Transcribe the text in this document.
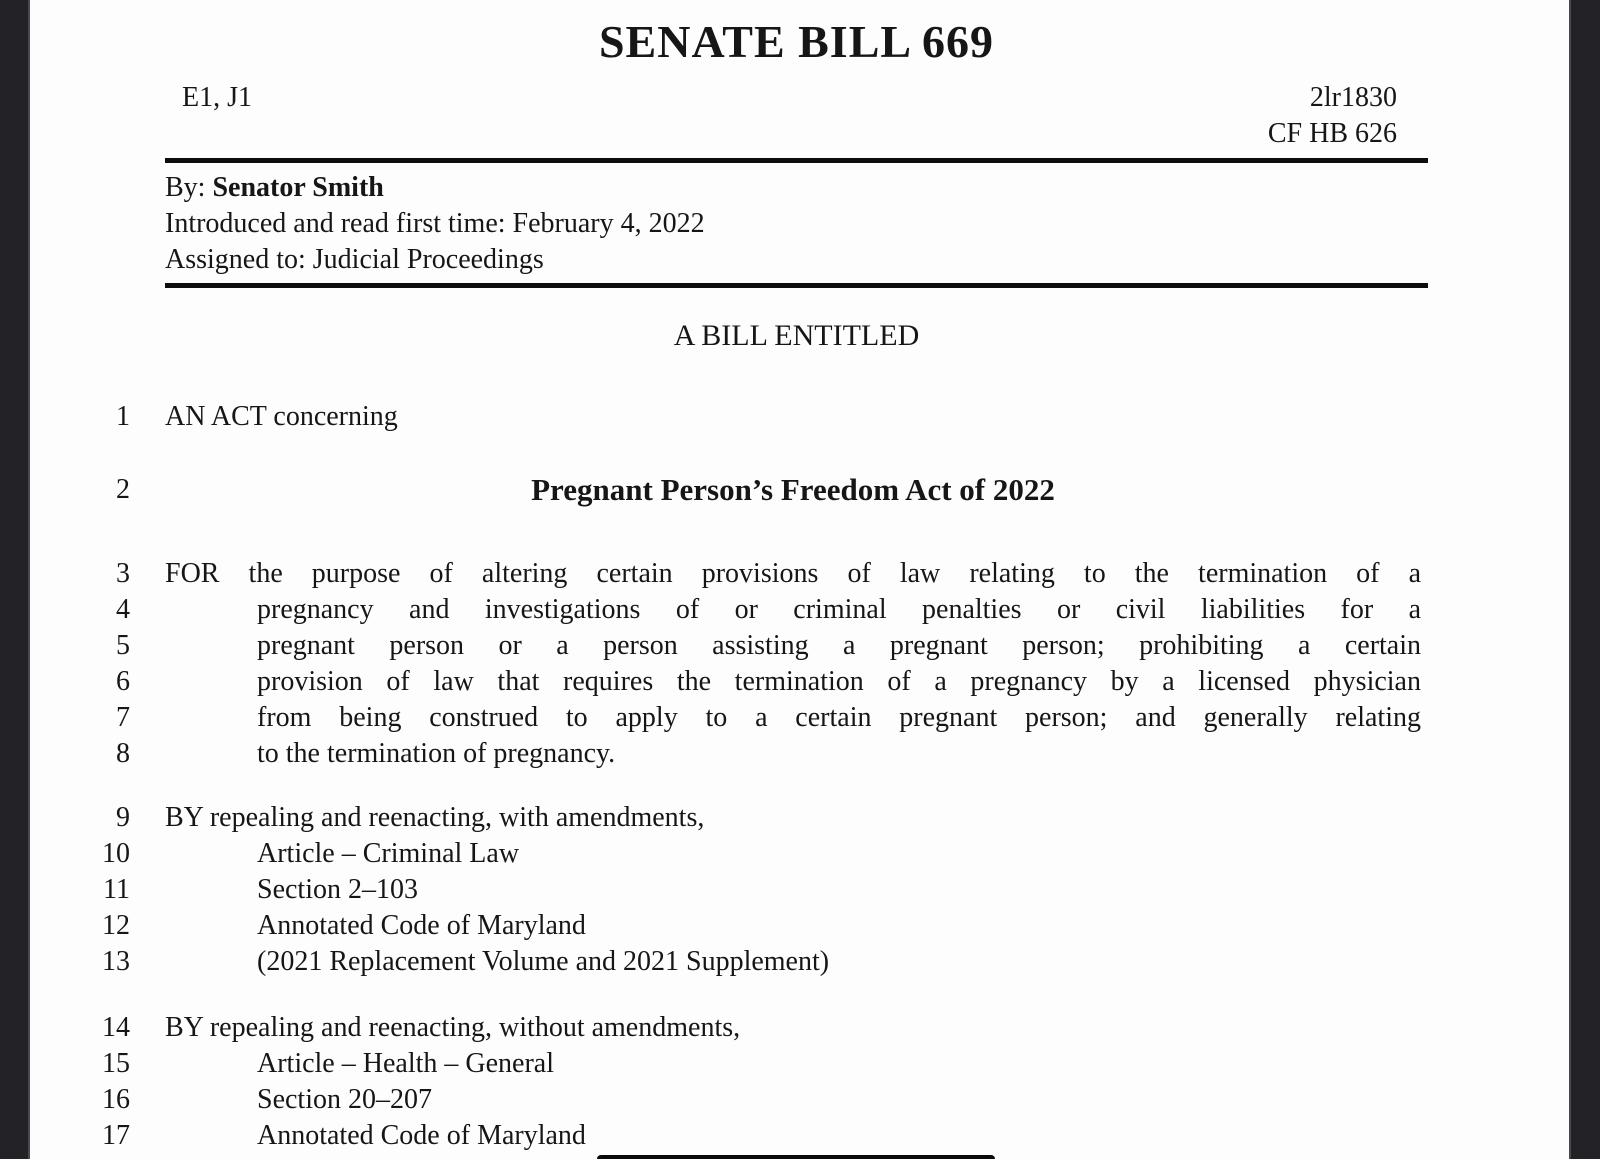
SENATE BILL 669
E1, J1	2lr1830
CF HB 626
By: Senator Smith
Introduced and read first time: February 4, 2022
Assigned to: Judicial Proceedings
A BILL ENTITLED
1 AN ACT concerning
2	Pregnant Person’s Freedom Act of 2022
3 FOR the purpose of altering certain provisions of law relating to the termination of a
4	pregnancy and investigations of or criminal penalties or civil liabilities for a
5	pregnant person or a person assisting a pregnant person; prohibiting a certain
6	provision of law that requires the termination of a pregnancy by a licensed physician
7	from being construed to apply to a certain pregnant person; and generally relating
8	to the termination of pregnancy.
9 BY repealing and reenacting, with amendments,
10	Article – Criminal Law
11	Section 2–103
12	Annotated Code of Maryland
13	(2021 Replacement Volume and 2021 Supplement)
14 BY repealing and reenacting, without amendments,
15	Article – Health – General
16	Section 20–207
17	Annotated Code of Maryland
